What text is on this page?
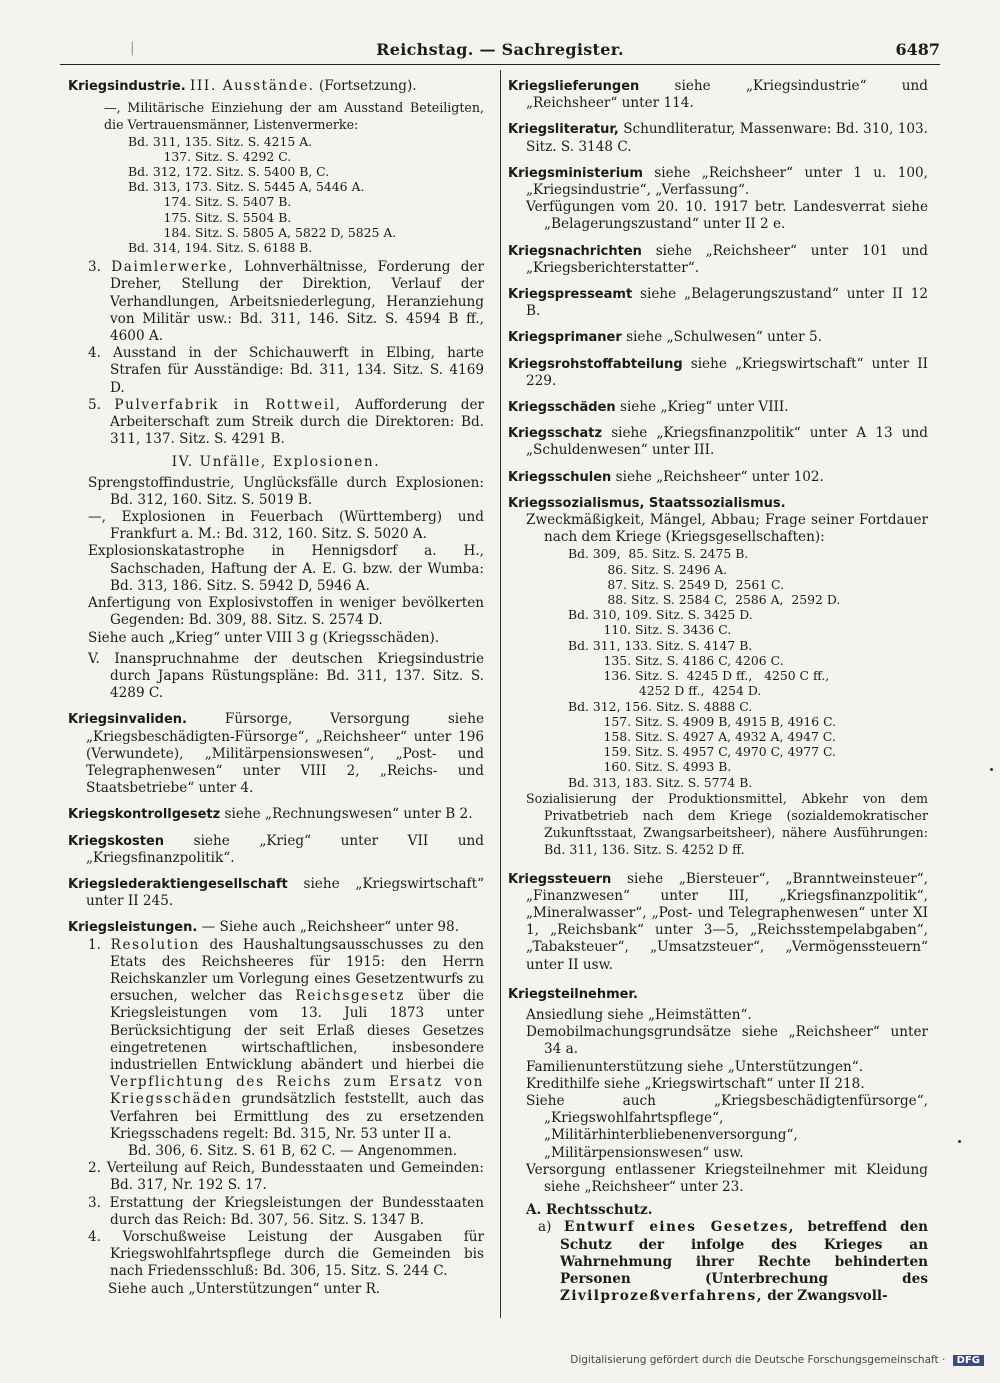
|	Reichstag. — Sachregister.	6487

Kriegsindustrie. III. Ausstände. (Fortsetzung).

—, Militärische Einziehung der am Ausstand Beteiligten, die Vertrauensmänner, Listenvermerke:

Bd. 311, 135. Sitz. S. 4215 A.
137. Sitz. S. 4292 C.
Bd. 312, 172. Sitz. S. 5400 B, C.
Bd. 313, 173. Sitz. S. 5445 A, 5446 A.
174. Sitz. S. 5407 B.
175. Sitz. S. 5504 B.
184. Sitz. S. 5805 A, 5822 D, 5825 A.
Bd. 314, 194. Sitz. S. 6188 B.

3. Daimlerwerke, Lohnverhältnisse, Forderung der Dreher, Stellung der Direktion, Verlauf der Verhandlungen, Arbeitsniederlegung, Heranziehung von Militär usw.: Bd. 311, 146. Sitz. S. 4594 B ff., 4600 A.

4. Ausstand in der Schichauwerft in Elbing, harte Strafen für Ausständige: Bd. 311, 134. Sitz. S. 4169 D.

5. Pulverfabrik in Rottweil, Aufforderung der Arbeiterschaft zum Streik durch die Direktoren: Bd. 311, 137. Sitz. S. 4291 B.

IV. Unfälle, Explosionen.

Sprengstoffindustrie, Unglücksfälle durch Explosionen: Bd. 312, 160. Sitz. S. 5019 B.

—, Explosionen in Feuerbach (Württemberg) und Frankfurt a. M.: Bd. 312, 160. Sitz. S. 5020 A.

Explosionskatastrophe in Hennigsdorf a. H., Sachschaden, Haftung der A. E. G. bzw. der Wumba: Bd. 313, 186. Sitz. S. 5942 D, 5946 A.

Anfertigung von Explosivstoffen in weniger bevölkerten Gegenden: Bd. 309, 88. Sitz. S. 2574 D.

Siehe auch „Krieg“ unter VIII 3 g (Kriegsschäden).

V. Inanspruchnahme der deutschen Kriegsindustrie durch Japans Rüstungspläne: Bd. 311, 137. Sitz. S. 4289 C.

Kriegsinvaliden.	Fürsorge, Versorgung siehe „Kriegsbeschädigten-Fürsorge“, „Reichsheer“ unter 196 (Verwundete), „Militärpensionswesen“, „Post- und Telegraphenwesen“ unter VIII 2, „Reichs- und Staatsbetriebe“ unter 4.
Kriegskontrollgesetz siehe „Rechnungswesen“ unter B 2.
Kriegskosten siehe „Krieg“ unter VII und „Kriegsfinanzpolitik“.
Kriegslederaktiengesellschaft siehe „Kriegswirtschaft“ unter II 245.

Kriegsleistungen. — Siehe auch „Reichsheer“ unter 98.

1. Resolution des Haushaltungsausschusses zu den Etats des Reichsheeres für 1915: den Herrn Reichskanzler um Vorlegung eines Gesetzentwurfs zu ersuchen, welcher das Reichsgesetz über die Kriegsleistungen vom 13. Juli 1873 unter Berücksichtigung der seit Erlaß dieses Gesetzes eingetretenen wirtschaftlichen, insbesondere industriellen Entwicklung abändert und hierbei die Verpflichtung des Reichs zum Ersatz von Kriegsschäden grundsätzlich feststellt, auch das Verfahren bei Ermittlung des zu ersetzenden Kriegsschadens regelt: Bd. 315, Nr. 53 unter II a.

Bd. 306, 6. Sitz. S. 61 B, 62 C. — Angenommen.

2. Verteilung auf Reich, Bundesstaaten und Gemeinden: Bd. 317, Nr. 192 S. 17.

3. Erstattung der Kriegsleistungen der Bundesstaaten durch das Reich: Bd. 307, 56. Sitz. S. 1347 B.

4. Vorschußweise Leistung der Ausgaben für Kriegswohlfahrtspflege durch die Gemeinden bis nach Friedensschluß: Bd. 306, 15. Sitz. S. 244 C.

Siehe auch „Unterstützungen“ unter R.

Kriegslieferungen	siehe „Kriegsindustrie“ und „Reichsheer“ unter 114.
Kriegsliteratur, Schundliteratur, Massenware: Bd. 310, 103. Sitz. S. 3148 C.

Kriegsministerium siehe „Reichsheer“ unter 1 u. 100, „Kriegsindustrie“, „Verfassung“.

Verfügungen vom 20. 10. 1917 betr. Landesverrat siehe „Belagerungszustand“ unter II 2 e.

Kriegsnachrichten siehe „Reichsheer“ unter 101 und „Kriegsberichterstatter“.
Kriegspresseamt siehe „Belagerungszustand“ unter II 12 B.
Kriegsprimaner siehe „Schulwesen“ unter 5.
Kriegsrohstoffabteilung siehe „Kriegswirtschaft“ unter II 229.
Kriegsschäden siehe „Krieg“ unter VIII.
Kriegsschatz siehe „Kriegsfinanzpolitik“ unter A 13 und „Schuldenwesen“ unter III.
Kriegsschulen siehe „Reichsheer“ unter 102.

Kriegssozialismus, Staatssozialismus.

Zweckmäßigkeit, Mängel, Abbau; Frage seiner Fortdauer nach dem Kriege (Kriegsgesellschaften):

Bd. 309,  85. Sitz. S. 2475 B.
86. Sitz. S. 2496 A.
87. Sitz. S. 2549 D,  2561 C.
88. Sitz. S. 2584 C,  2586 A,  2592 D.
Bd. 310, 109. Sitz. S. 3425 D.
110. Sitz. S. 3436 C.
Bd. 311, 133. Sitz. S. 4147 B.
135. Sitz. S. 4186 C, 4206 C.
136. Sitz. S.  4245 D ff.,   4250 C ff.,
4252 D ff.,  4254 D.
Bd. 312, 156. Sitz. S. 4888 C.
157. Sitz. S. 4909 B, 4915 B, 4916 C.
158. Sitz. S. 4927 A, 4932 A, 4947 C.
159. Sitz. S. 4957 C, 4970 C, 4977 C.
160. Sitz. S. 4993 B.
Bd. 313, 183. Sitz. S. 5774 B.

Sozialisierung der Produktionsmittel, Abkehr von dem Privatbetrieb nach dem Kriege (sozialdemokratischer Zukunftsstaat, Zwangsarbeitsheer), nähere Ausführungen: Bd. 311, 136. Sitz. S. 4252 D ff.

Kriegssteuern siehe „Biersteuer“, „Branntweinsteuer“, „Finanzwesen“ unter III, „Kriegsfinanzpolitik“, „Mineralwasser“, „Post- und Telegraphenwesen“ unter XI 1, „Reichsbank“ unter 3—5, „Reichsstempelabgaben“, „Tabaksteuer“, „Umsatzsteuer“, „Vermögenssteuern“ unter II usw.

Kriegsteilnehmer.

Ansiedlung siehe „Heimstätten“.

Demobilmachungsgrundsätze siehe „Reichsheer“ unter 34 a.

Familienunterstützung siehe „Unterstützungen“.

Kredithilfe siehe „Kriegswirtschaft“ unter II 218.

Siehe auch „Kriegsbeschädigtenfürsorge“, „Kriegswohlfahrtspflege“, „Militärhinterbliebenenversorgung“, „Militärpensionswesen“ usw.

Versorgung entlassener Kriegsteilnehmer mit Kleidung siehe „Reichsheer“ unter 23.

A. Rechtsschutz.

a) Entwurf eines Gesetzes, betreffend den Schutz der infolge des Krieges an Wahrnehmung ihrer Rechte behinderten Personen (Unterbrechung des Zivilprozeßverfahrens, der Zwangsvoll-

Digitalisierung gefördert durch die Deutsche Forschungsgemeinschaft · DFG
